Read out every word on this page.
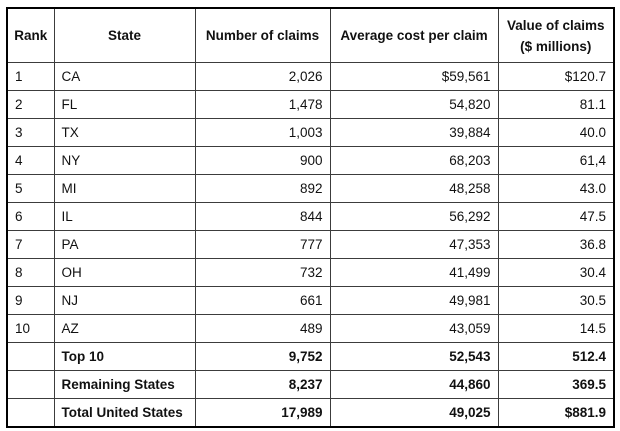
Rank	State	Number of claims	Average cost per claim	Value of claims
($ millions)

1	CA	2,026	$59,561	$120.7
2	FL	1,478	54,820	81.1
3	TX	1,003	39,884	40.0
4	NY	900	68,203	61,4
5	MI	892	48,258	43.0
6	IL	844	56,292	47.5
7	PA	777	47,353	36.8
8	OH	732	41,499	30.4
9	NJ	661	49,981	30.5
10	AZ	489	43,059	14.5
	Top 10	9,752	52,543	512.4
	Remaining States	8,237	44,860	369.5
	Total United States	17,989	49,025	$881.9
